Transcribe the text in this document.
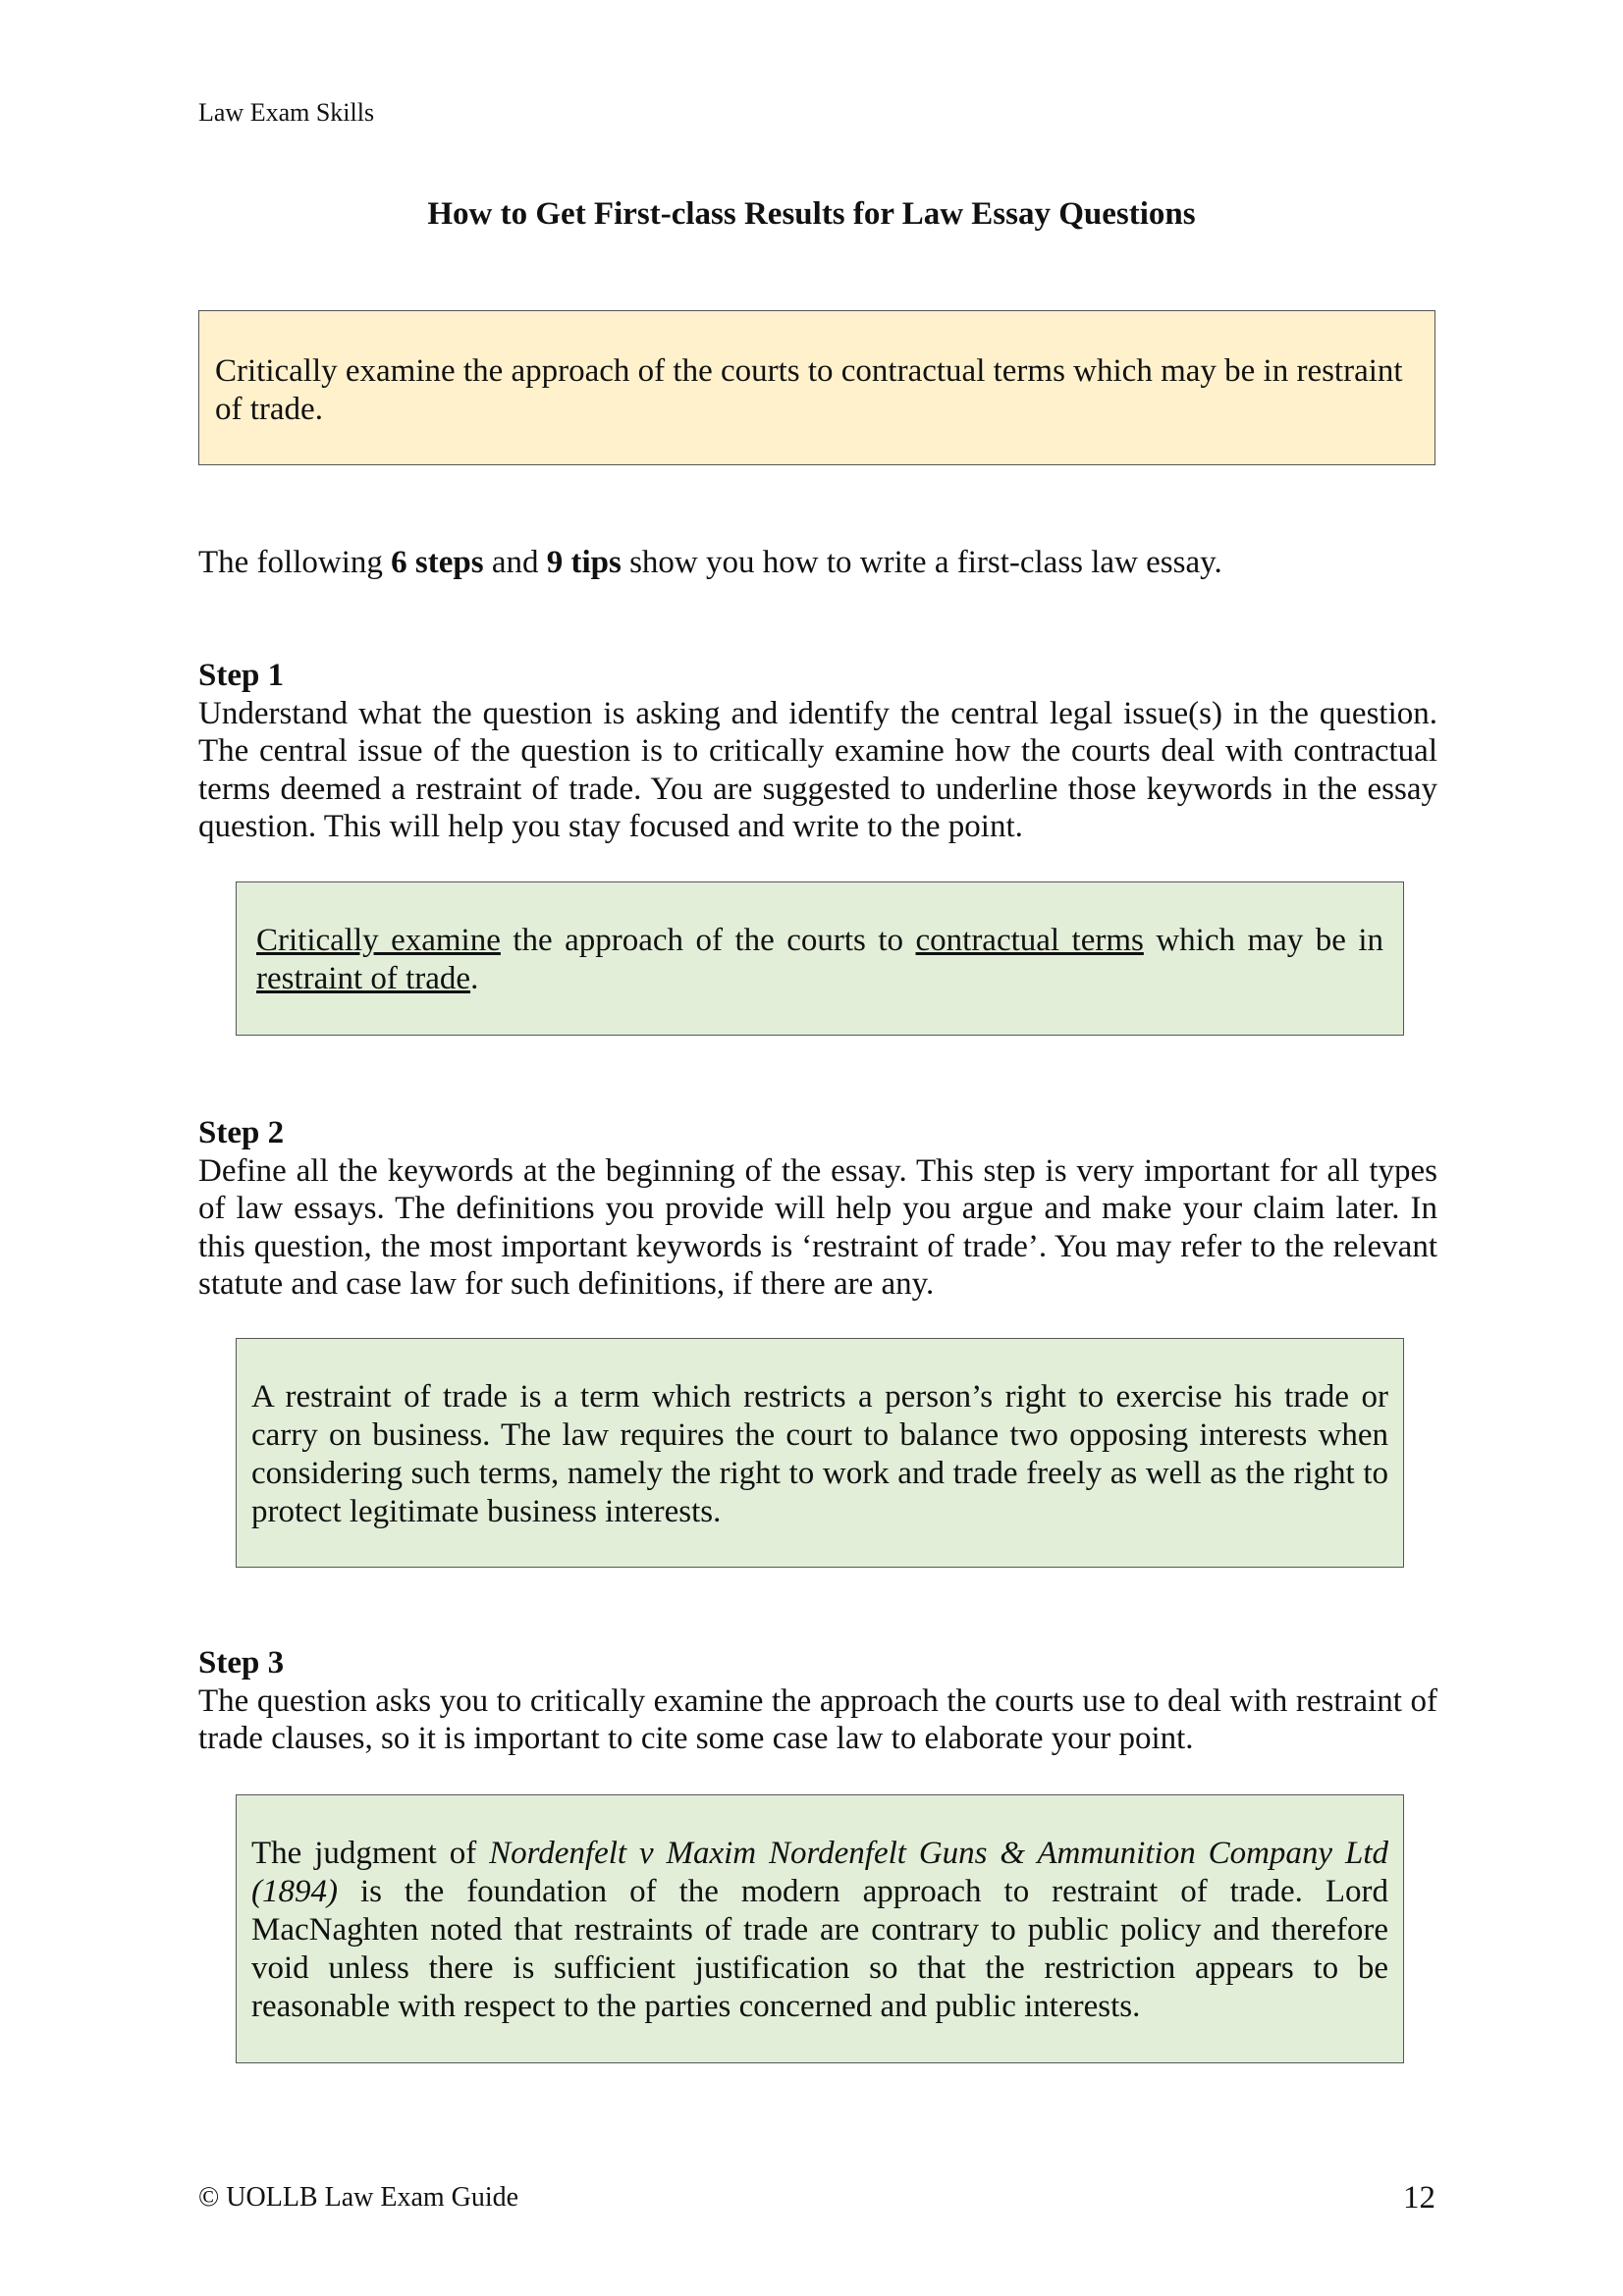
Law Exam Skills
How to Get First-class Results for Law Essay Questions

Critically examine the approach of the courts to contractual terms which may be in restraint of trade.

The following 6 steps and 9 tips show you how to write a first-class law essay.

Step 1
Understand what the question is asking and identify the central legal issue(s) in the question. The central issue of the question is to critically examine how the courts deal with contractual terms deemed a restraint of trade. You are suggested to underline those keywords in the essay question. This will help you stay focused and write to the point.

Critically examine the approach of the courts to contractual terms which may be in restraint of trade.

Step 2
Define all the keywords at the beginning of the essay. This step is very important for all types of law essays. The definitions you provide will help you argue and make your claim later. In this question, the most important keywords is ‘restraint of trade’. You may refer to the relevant statute and case law for such definitions, if there are any.

A restraint of trade is a term which restricts a person’s right to exercise his trade or carry on business. The law requires the court to balance two opposing interests when considering such terms, namely the right to work and trade freely as well as the right to protect legitimate business interests.

Step 3
The question asks you to critically examine the approach the courts use to deal with restraint of trade clauses, so it is important to cite some case law to elaborate your point.

The judgment of Nordenfelt v Maxim Nordenfelt Guns & Ammunition Company Ltd (1894) is the foundation of the modern approach to restraint of trade. Lord MacNaghten noted that restraints of trade are contrary to public policy and therefore void unless there is sufficient justification so that the restriction appears to be reasonable with respect to the parties concerned and public interests.

© UOLLB Law Exam Guide	12
